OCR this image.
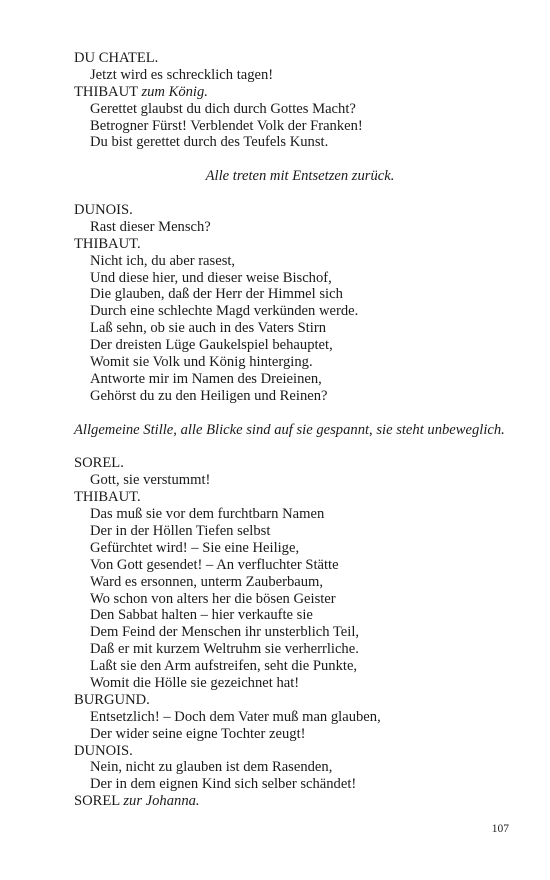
DU CHATEL.
Jetzt wird es schrecklich tagen!
THIBAUT zum König.
Gerettet glaubst du dich durch Gottes Macht?
Betrogner Fürst! Verblendet Volk der Franken!
Du bist gerettet durch des Teufels Kunst.
Alle treten mit Entsetzen zurück.
DUNOIS.
Rast dieser Mensch?
THIBAUT.
Nicht ich, du aber rasest,
Und diese hier, und dieser weise Bischof,
Die glauben, daß der Herr der Himmel sich
Durch eine schlechte Magd verkünden werde.
Laß sehn, ob sie auch in des Vaters Stirn
Der dreisten Lüge Gaukelspiel behauptet,
Womit sie Volk und König hinterging.
Antworte mir im Namen des Dreieinen,
Gehörst du zu den Heiligen und Reinen?
Allgemeine Stille, alle Blicke sind auf sie gespannt, sie steht unbeweglich.
SOREL.
Gott, sie verstummt!
THIBAUT.
Das muß sie vor dem furchtbarn Namen
Der in der Höllen Tiefen selbst
Gefürchtet wird! – Sie eine Heilige,
Von Gott gesendet! – An verfluchter Stätte
Ward es ersonnen, unterm Zauberbaum,
Wo schon von alters her die bösen Geister
Den Sabbat halten – hier verkaufte sie
Dem Feind der Menschen ihr unsterblich Teil,
Daß er mit kurzem Weltruhm sie verherrliche.
Laßt sie den Arm aufstreifen, seht die Punkte,
Womit die Hölle sie gezeichnet hat!
BURGUND.
Entsetzlich! – Doch dem Vater muß man glauben,
Der wider seine eigne Tochter zeugt!
DUNOIS.
Nein, nicht zu glauben ist dem Rasenden,
Der in dem eignen Kind sich selber schändet!
SOREL zur Johanna.
107
